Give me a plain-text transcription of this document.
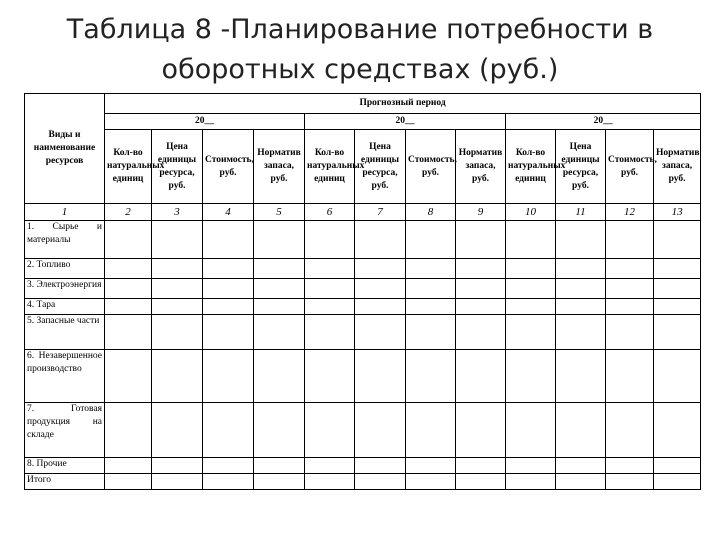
Таблица 8 -Планирование потребности в
оборотных средствах (руб.)
Виды и наименование ресурсов	Прогнозный период											
	20__				20__				20__			
	Кол-во натуральных единиц	Цена единицы ресурса, руб.	Стоимость, руб.	Норматив запаса, руб.	Кол-во натуральных единиц	Цена единицы ресурса, руб.	Стоимость, руб.	Норматив запаса, руб.	Кол-во натуральных единиц	Цена единицы ресурса, руб.	Стоимость, руб.	Норматив запаса, руб.
1	2	3	4	5	6	7	8	9	10	11	12	13
1. Сырье и материалы												
2. Топливо												
3. Электроэнергия												
4. Тара												
5. Запасные части												
6. Незавершенное производство												
7. Готовая продукция на складе												
8. Прочие												
Итого												
